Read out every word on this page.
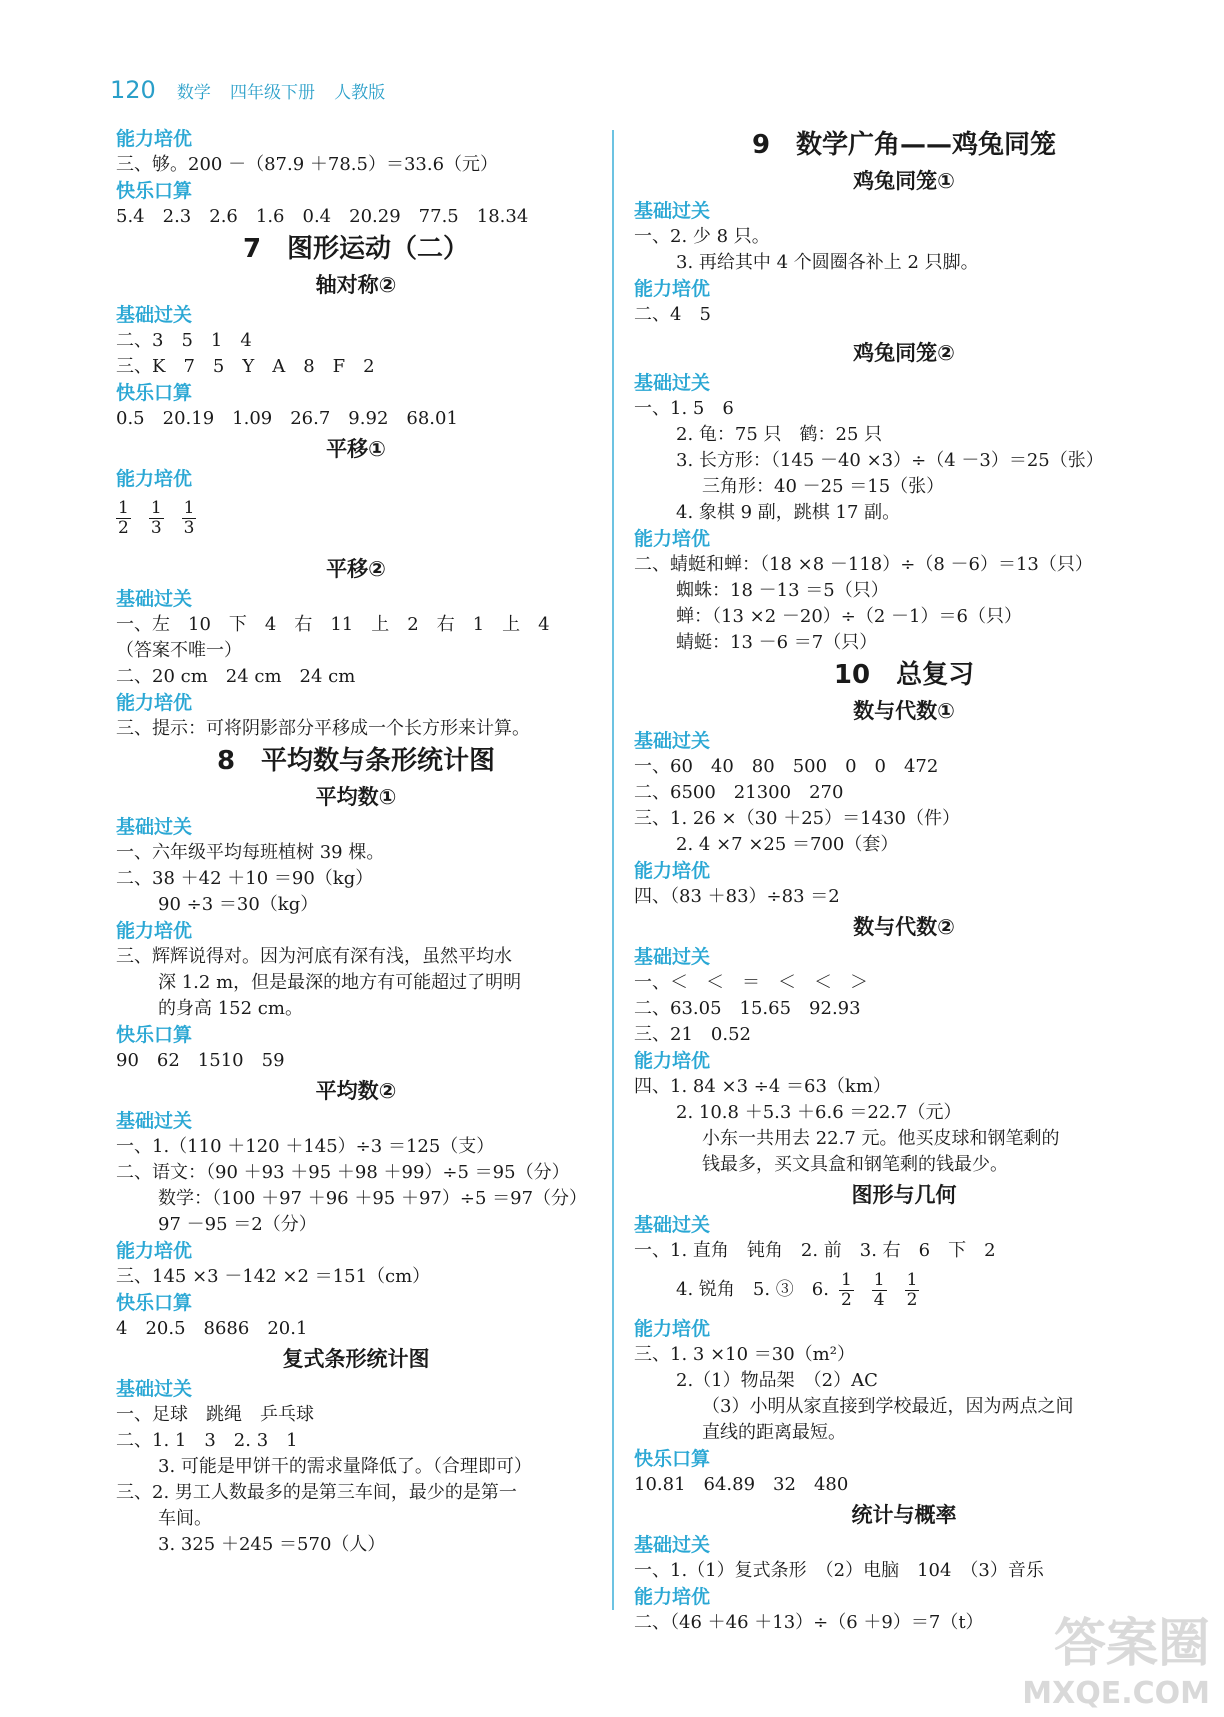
120 数学 四年级下册 人教版
能力培优
三、够。200 －（87.9 ＋78.5）＝33.6（元）
快乐口算
5.4　2.3　2.6　1.6　0.4　20.29　77.5　18.34
7　图形运动（二）
轴对称②
基础过关
二、3　5　1　4
三、K　7　5　Y　A　8　F　2
快乐口算
0.5　20.19　1.09　26.7　9.92　68.01
平移①
能力培优
1
2
1
3
1
3
平移②
基础过关
一、左　10　下　4　右　11　上　2　右　1　上　4
（答案不唯一）
二、20 cm　24 cm　24 cm
能力培优
三、提示：可将阴影部分平移成一个长方形来计算。
8　平均数与条形统计图
平均数①
基础过关
一、六年级平均每班植树 39 棵。
二、38 ＋42 ＋10 ＝90（kg）
90 ÷3 ＝30（kg）
能力培优
三、辉辉说得对。因为河底有深有浅，虽然平均水
深 1.2 m，但是最深的地方有可能超过了明明
的身高 152 cm。
快乐口算
90　62　1510　59
平均数②
基础过关
一、1.（110 ＋120 ＋145）÷3 ＝125（支）
二、语文：（90 ＋93 ＋95 ＋98 ＋99）÷5 ＝95（分）
数学：（100 ＋97 ＋96 ＋95 ＋97）÷5 ＝97（分）
97 －95 ＝2（分）
能力培优
三、145 ×3 －142 ×2 ＝151（cm）
快乐口算
4　20.5　8686　20.1
复式条形统计图
基础过关
一、足球　跳绳　乒乓球
二、1. 1　3　2. 3　1
3. 可能是甲饼干的需求量降低了。（合理即可）
三、2. 男工人数最多的是第三车间，最少的是第一
车间。
3. 325 ＋245 ＝570（人）
9　数学广角——鸡兔同笼
鸡兔同笼①
基础过关
一、2. 少 8 只。
3. 再给其中 4 个圆圈各补上 2 只脚。
能力培优
二、4　5
鸡兔同笼②
基础过关
一、1. 5　6
2. 龟：75 只　鹤：25 只
3. 长方形：（145 －40 ×3）÷（4 －3）＝25（张）
三角形：40 －25 ＝15（张）
4. 象棋 9 副，跳棋 17 副。
能力培优
二、蜻蜓和蝉：（18 ×8 －118）÷（8 －6）＝13（只）
蜘蛛：18 －13 ＝5（只）
蝉：（13 ×2 －20）÷（2 －1）＝6（只）
蜻蜓：13 －6 ＝7（只）
10　总复习
数与代数①
基础过关
一、60　40　80　500　0　0　472
二、6500　21300　270
三、1. 26 ×（30 ＋25）＝1430（件）
2. 4 ×7 ×25 ＝700（套）
能力培优
四、（83 ＋83）÷83 ＝2
数与代数②
基础过关
一、＜　＜　＝　＜　＜　＞
二、63.05　15.65　92.93
三、21　0.52
能力培优
四、1. 84 ×3 ÷4 ＝63（km）
2. 10.8 ＋5.3 ＋6.6 ＝22.7（元）
小东一共用去 22.7 元。他买皮球和钢笔剩的
钱最多，买文具盒和钢笔剩的钱最少。
图形与几何
基础过关
一、1. 直角　钝角　2. 前　3. 右　6　下　2
4. 锐角　5. ③　6. 1
2
1
4
1
2
能力培优
三、1. 3 ×10 ＝30（m²）
2.（1）物品架　（2）AC
（3）小明从家直接到学校最近，因为两点之间
直线的距离最短。
快乐口算
10.81　64.89　32　480
统计与概率
基础过关
一、1.（1）复式条形　（2）电脑　104　（3）音乐
能力培优
二、（46 ＋46 ＋13）÷（6 ＋9）＝7（t）	答案圈
MXQE.COM
